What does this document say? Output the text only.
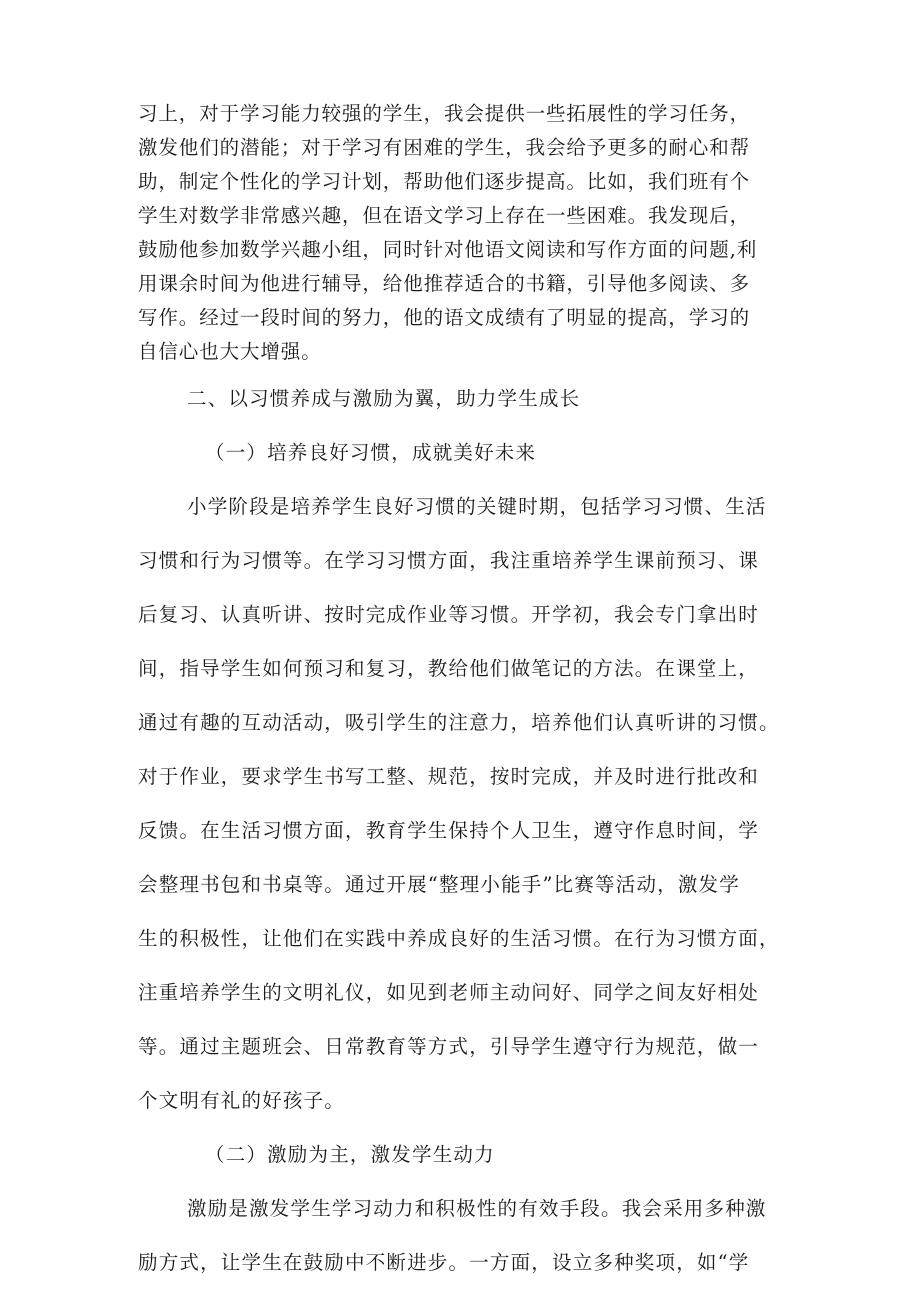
习上，对于学习能力较强的学生，我会提供一些拓展性的学习任务，
激发他们的潜能；对于学习有困难的学生，我会给予更多的耐心和帮
助，制定个性化的学习计划，帮助他们逐步提高。比如，我们班有个
学生对数学非常感兴趣，但在语文学习上存在一些困难。我发现后，
鼓励他参加数学兴趣小组，同时针对他语文阅读和写作方面的问题,利
用课余时间为他进行辅导，给他推荐适合的书籍，引导他多阅读、多
写作。经过一段时间的努力，他的语文成绩有了明显的提高，学习的
自信心也大大增强。
二、以习惯养成与激励为翼，助力学生成长
（一）培养良好习惯，成就美好未来
小学阶段是培养学生良好习惯的关键时期，包括学习习惯、生活
习惯和行为习惯等。在学习习惯方面，我注重培养学生课前预习、课
后复习、认真听讲、按时完成作业等习惯。开学初，我会专门拿出时
间，指导学生如何预习和复习，教给他们做笔记的方法。在课堂上，
通过有趣的互动活动，吸引学生的注意力，培养他们认真听讲的习惯。
对于作业，要求学生书写工整、规范，按时完成，并及时进行批改和
反馈。在生活习惯方面，教育学生保持个人卫生，遵守作息时间，学
会整理书包和书桌等。通过开展“整理小能手”比赛等活动，激发学
生的积极性，让他们在实践中养成良好的生活习惯。在行为习惯方面，
注重培养学生的文明礼仪，如见到老师主动问好、同学之间友好相处
等。通过主题班会、日常教育等方式，引导学生遵守行为规范，做一
个文明有礼的好孩子。
（二）激励为主，激发学生动力
激励是激发学生学习动力和积极性的有效手段。我会采用多种激
励方式，让学生在鼓励中不断进步。一方面，设立多种奖项，如“学
